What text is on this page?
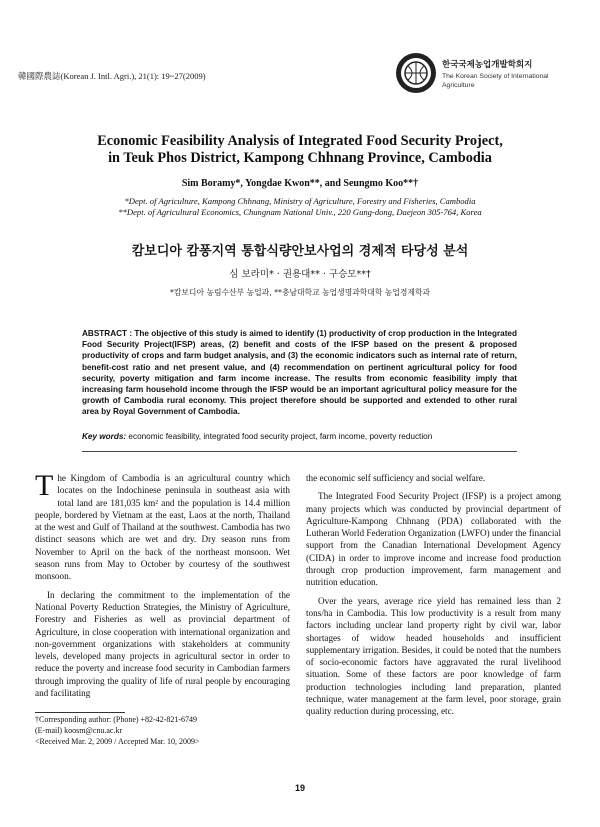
韓國際農誌(Korean J. Intl. Agri.), 21(1): 19~27(2009)
한국국제농업개발학회지
The Korean Society of International
Agriculture
Economic Feasibility Analysis of Integrated Food Security Project,
in Teuk Phos District, Kampong Chhnang Province, Cambodia
Sim Boramy*, Yongdae Kwon**, and Seungmo Koo**†
*Dept. of Agriculture, Kampong Chhnang, Ministry of Agriculture, Forestry and Fisheries, Cambodia
**Dept. of Agricultural Economics, Chungnam National Univ., 220 Gung-dong, Daejeon 305-764, Korea
캄보디아 캄퐁지역 통합식량안보사업의 경제적 타당성 분석
심 보라미* · 권용대** · 구승모**†
*캄보디아 농림수산부 농업과, **충남대학교 농업생명과학대학 농업경제학과
ABSTRACT : The objective of this study is aimed to identify (1) productivity of crop production in the Integrated Food Security Project(IFSP) areas, (2) benefit and costs of the IFSP based on the present & proposed productivity of crops and farm budget analysis, and (3) the economic indicators such as internal rate of return, benefit-cost ratio and net present value, and (4) recommendation on pertinent agricultural policy for food security, poverty mitigation and farm income increase. The results from economic feasibility imply that increasing farm household income through the IFSP would be an important agricultural policy measure for the growth of Cambodia rural economy. This project therefore should be supported and extended to other rural area by Royal Government of Cambodia.
Key words: economic feasibility, integrated food security project, farm income, poverty reduction

The Kingdom of Cambodia is an agricultural country which locates on the Indochinese peninsula in southeast asia with total land are 181,035 km² and the population is 14.4 million people, bordered by Vietnam at the east, Laos at the north, Thailand at the west and Gulf of Thailand at the southwest. Cambodia has two distinct seasons which are wet and dry. Dry season runs from November to April on the back of the northeast monsoon. Wet season runs from May to October by courtesy of the southwest monsoon.

In declaring the commitment to the implementation of the National Poverty Reduction Strategies, the Ministry of Agriculture, Forestry and Fisheries as well as provincial department of Agriculture, in close cooperation with international organization and non-government organizations with stakeholders at community levels, developed many projects in agricultural sector in order to reduce the poverty and increase food security in Cambodian farmers through improving the quality of life of rural people by encouraging and facilitating

the economic self sufficiency and social welfare.

The Integrated Food Security Project (IFSP) is a project among many projects which was conducted by provincial department of Agriculture-Kampong Chhnang (PDA) collaborated with the Lutheran World Federation Organization (LWFO) under the financial support from the Canadian International Development Agency (CIDA) in order to improve income and increase food production through crop production improvement, farm management and nutrition education.

Over the years, average rice yield has remained less than 2 tons/ha in Cambodia. This low productivity is a result from many factors including unclear land property right by civil war, labor shortages of widow headed households and insufficient supplementary irrigation. Besides, it could be noted that the numbers of socio-economic factors have aggravated the rural livelihood situation. Some of these factors are poor knowledge of farm production technologies including land preparation, planted technique, water management at the farm level, poor storage, grain quality reduction during processing, etc.

†Corresponding author: (Phone) +82-42-821-6749
(E-mail) koosm@cnu.ac.kr
<Received Mar. 2, 2009 / Accepted Mar. 10, 2009>
19
